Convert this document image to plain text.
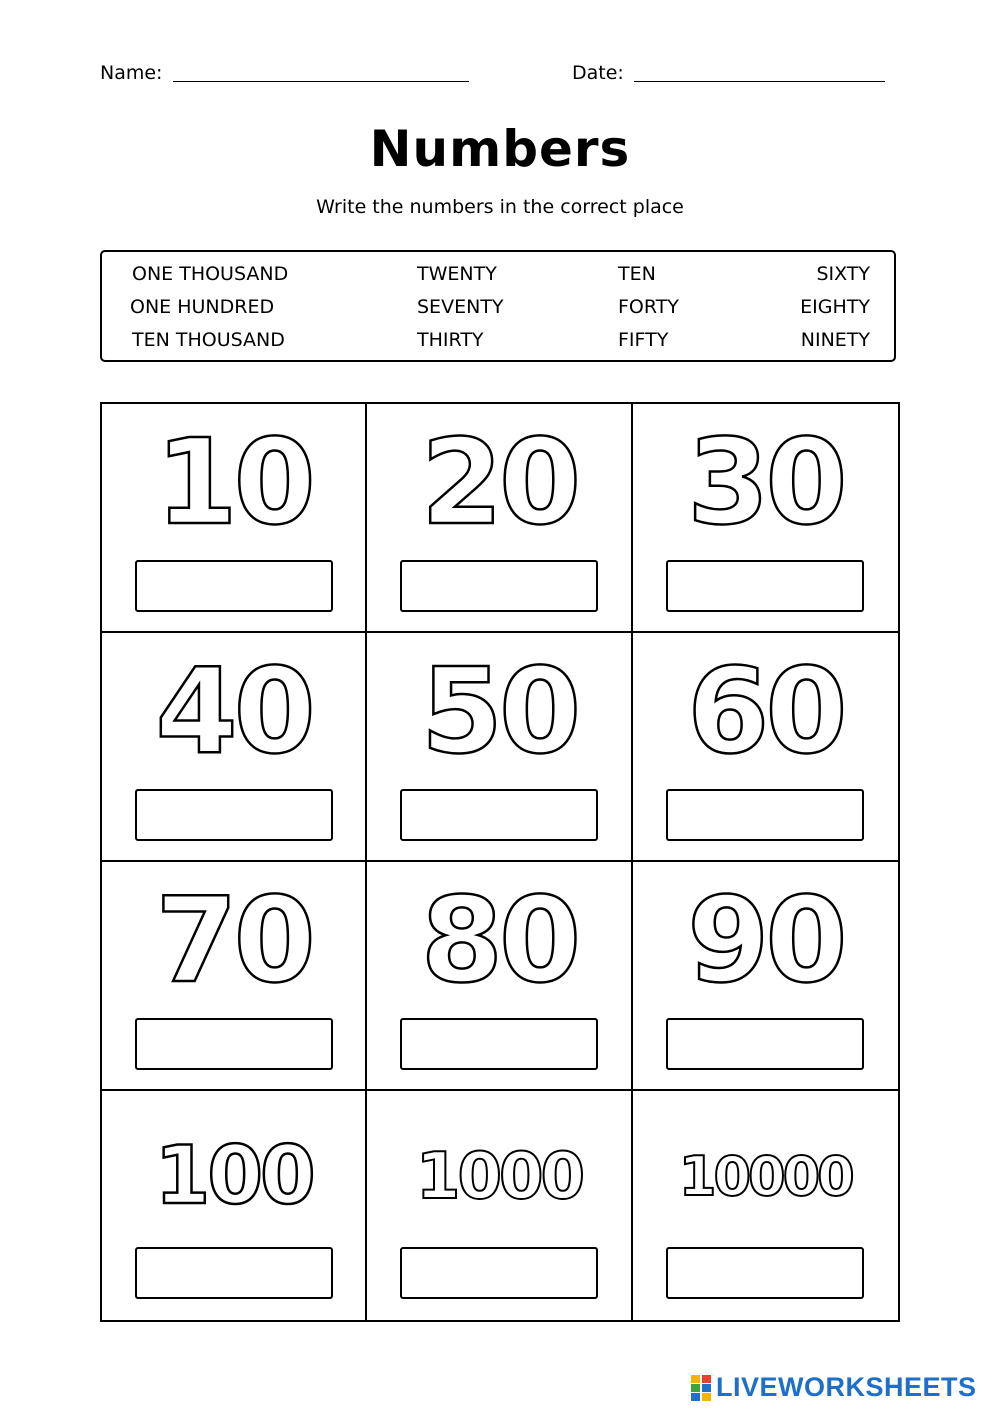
Name:	Date:
Numbers
Write the numbers in the correct place
ONE THOUSAND	TWENTY	TEN	SIXTY
ONE HUNDRED	SEVENTY	FORTY	EIGHTY
TEN THOUSAND	THIRTY	FIFTY	NINETY
10 20 30
40 50 60
70 80 90
100	1000	10000
LIVEWORKSHEETS
